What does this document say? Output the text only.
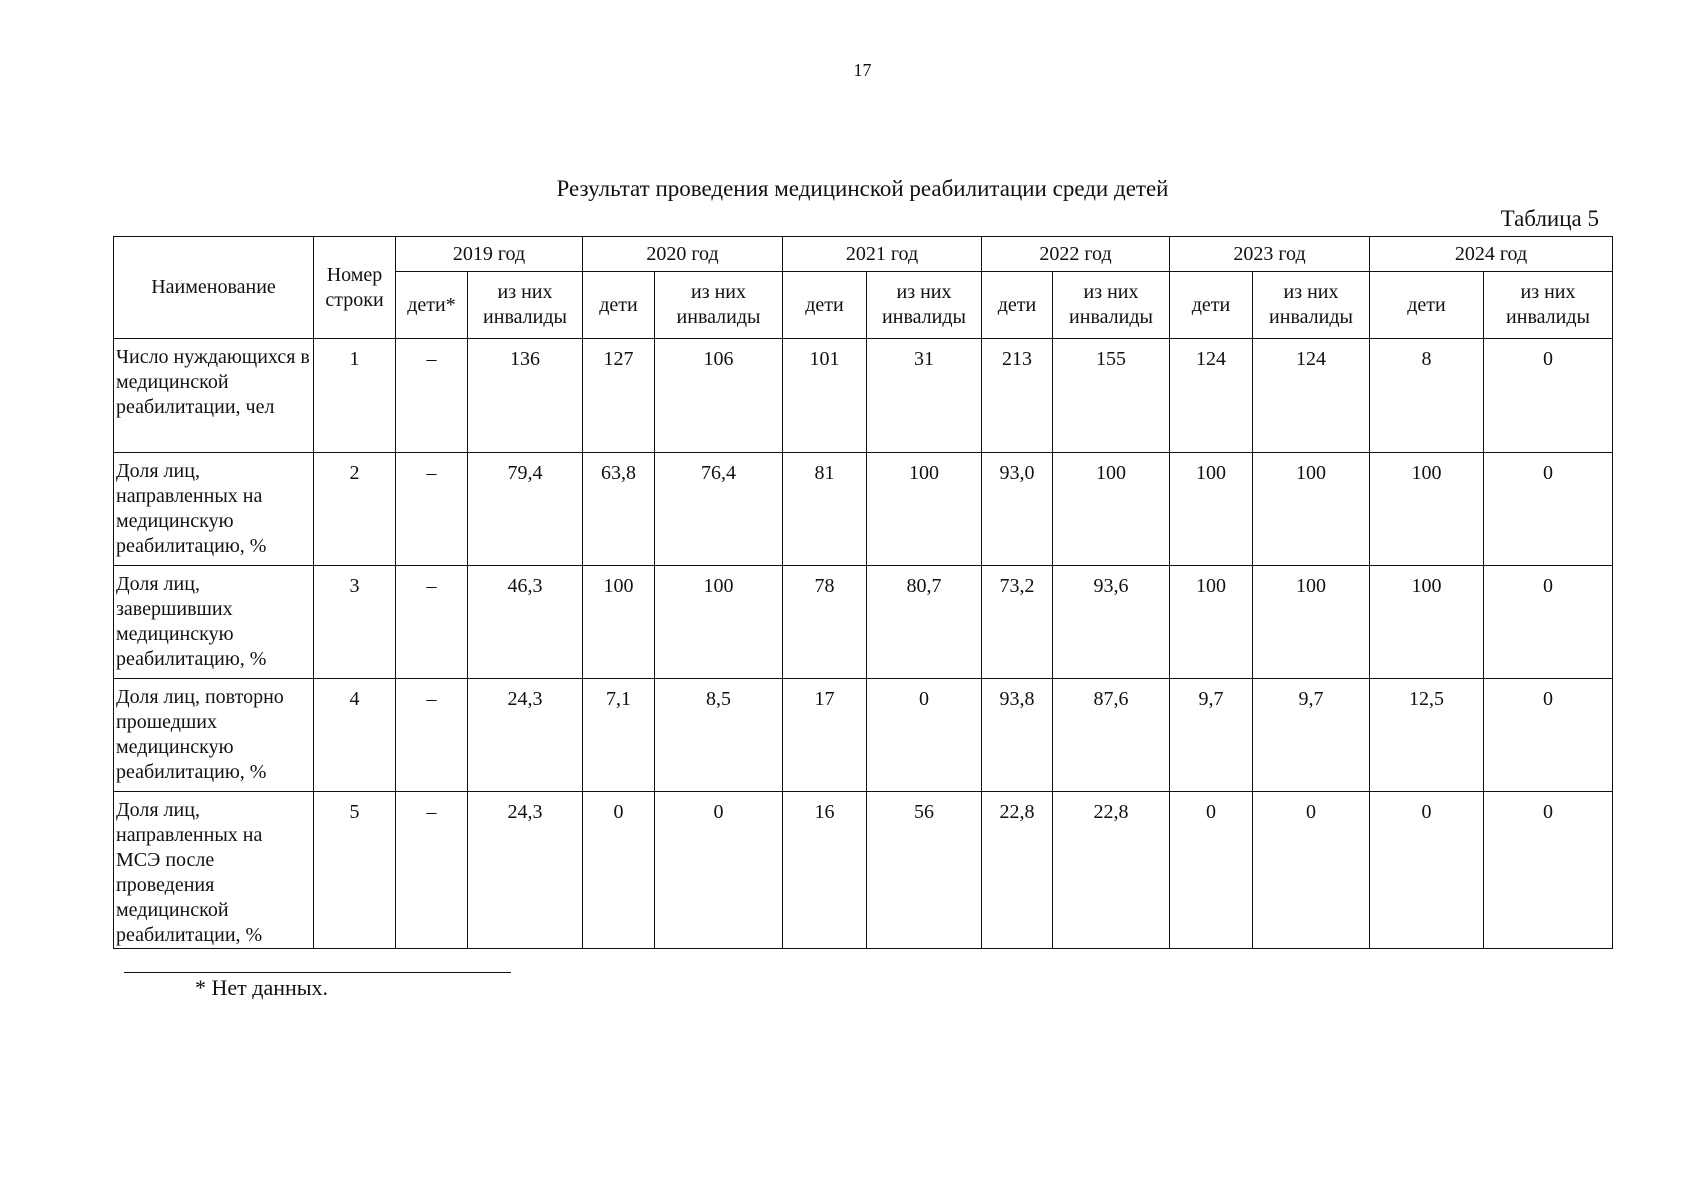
17
Результат проведения медицинской реабилитации среди детей
Таблица 5
Наименование	Номер строки	2019 год		2020 год		2021 год		2022 год		2023 год		2024 год	
		дети*	из них инвалиды	дети	из них инвалиды	дети	из них инвалиды	дети	из них инвалиды	дети	из них инвалиды	дети	из них инвалиды
Число нуждающихся в медицинской реабилитации, чел	1	–	136	127	106	101	31	213	155	124	124	8	0
Доля лиц, направленных на медицинскую реабилитацию, %	2	–	79,4	63,8	76,4	81	100	93,0	100	100	100	100	0
Доля лиц, завершивших медицинскую реабилитацию, %	3	–	46,3	100	100	78	80,7	73,2	93,6	100	100	100	0
Доля лиц, повторно прошедших медицинскую реабилитацию, %	4	–	24,3	7,1	8,5	17	0	93,8	87,6	9,7	9,7	12,5	0
Доля лиц, направленных на МСЭ после проведения медицинской реабилитации, %	5	–	24,3	0	0	16	56	22,8	22,8	0	0	0	0
* Нет данных.
